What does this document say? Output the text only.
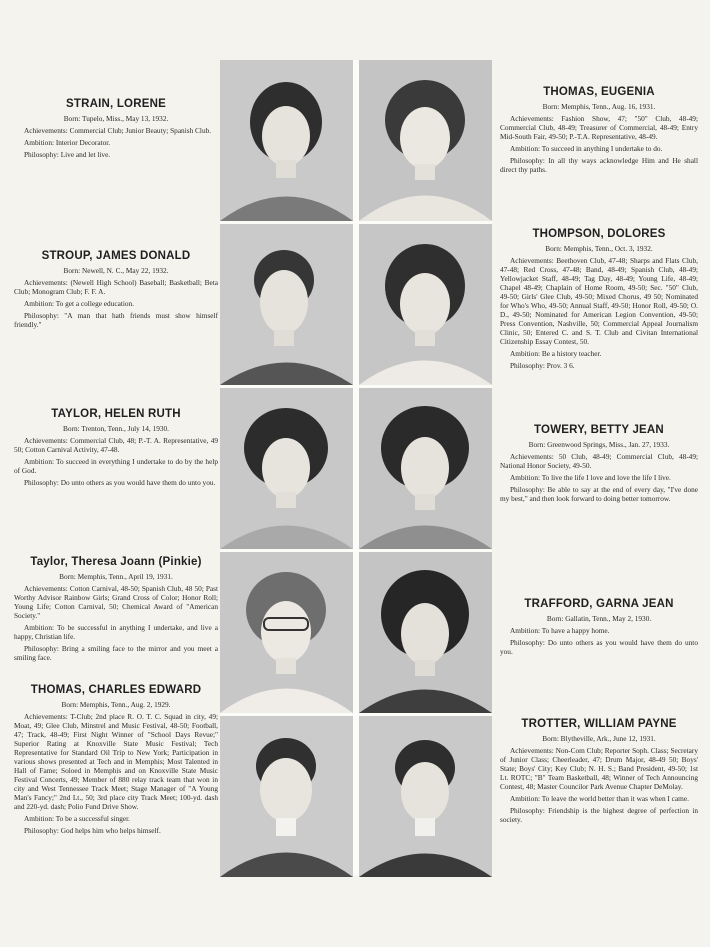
STRAIN, LORENE
Born: Tupelo, Miss., May 13, 1932.
Achievements: Commercial Club; Junior Beauty; Spanish Club.
Ambition: Interior Decorator.
Philosophy: Live and let live.
STROUP, JAMES DONALD
Born: Newell, N. C., May 22, 1932.
Achievements: (Newell High School) Baseball; Basketball; Beta Club; Monogram Club; F. F. A.
Ambition: To get a college education.
Philosophy: "A man that hath friends must show himself friendly."
TAYLOR, HELEN RUTH
Born: Trenton, Tenn., July 14, 1930.
Achievements: Commercial Club, 48; P.-T. A. Representative, 49 50; Cotton Carnival Activity, 47-48.
Ambition: To succeed in everything I undertake to do by the help of God.
Philosophy: Do unto others as you would have them do unto you.
Taylor, Theresa Joann (Pinkie)
Born: Memphis, Tenn., April 19, 1931.
Achievements: Cotton Carnival, 48-50; Spanish Club, 48 50; Past Worthy Advisor Rainbow Girls; Grand Cross of Color; Honor Roll; Young Life; Cotton Carnival, 50; Chemical Award of "American Society."
Ambition: To be successful in anything I undertake, and live a happy, Christian life.
Philosophy: Bring a smiling face to the mirror and you meet a smiling face.
THOMAS, CHARLES EDWARD
Born: Memphis, Tenn., Aug. 2, 1929.
Achievements: T-Club; 2nd place R. O. T. C. Squad in city, 49; Moat, 49; Glee Club, Minstrel and Music Festival, 48-50; Football, 47; Track, 48-49; First Night Winner of "School Days Revue;" Superior Rating at Knoxville State Music Festival; Tech Representative for Standard Oil Trip to New York; Participation in various shows presented at Tech and in Memphis; Most Talented in Hall of Fame; Soloed in Memphis and on Knoxville State Music Festival Concerts, 49; Member of 880 relay track team that won in city and West Tennessee Track Meet; Stage Manager of "A Young Man's Fancy;" 2nd Lt., 50; 3rd place city Track Meet; 100-yd. dash and 220-yd. dash; Polio Fund Drive Show.
Ambition: To be a successful singer.
Philosophy: God helps him who helps himself.
THOMAS, EUGENIA
Born: Memphis, Tenn., Aug. 16, 1931.
Achievements: Fashion Show, 47; "50" Club, 48-49; Commercial Club, 48-49; Treasurer of Commercial, 48-49; Entry Mid-South Fair, 49-50; P.-T.A. Representative, 48-49.
Ambition: To succeed in anything I undertake to do.
Philosophy: In all thy ways acknowledge Him and He shall direct thy paths.
THOMPSON, DOLORES
Born: Memphis, Tenn., Oct. 3, 1932.
Achievements: Beethoven Club, 47-48; Sharps and Flats Club, 47-48; Red Cross, 47-48; Band, 48-49; Spanish Club, 48-49; Yellowjacket Staff, 48-49; Tag Day, 48-49; Young Life, 48-49; Chapel 48-49; Chaplain of Home Room, 49-50; Sec. "50" Club, 49-50; Girls' Glee Club, 49-50; Mixed Chorus, 49 50; Nominated for Who's Who, 49-50; Annual Staff, 49-50; Honor Roll, 49-50; O. D., 49-50; Nominated for American Legion Convention, 49-50; Press Convention, Nashville, 50; Commercial Appeal Journalism Clinic, 50; Entered C. and S. T. Club and Civitan International Citizenship Essay Contest, 50.
Ambition: Be a history teacher.
Philosophy: Prov. 3 6.
TOWERY, BETTY JEAN
Born: Greenwood Springs, Miss., Jan. 27, 1933.
Achievements: 50 Club, 48-49; Commercial Club, 48-49; National Honor Society, 49-50.
Ambition: To live the life I love and love the life I live.
Philosophy: Be able to say at the end of every day, "I've done my best," and then look forward to doing better tomorrow.
TRAFFORD, GARNA JEAN
Born: Gallatin, Tenn., May 2, 1930.
Ambition: To have a happy home.
Philosophy: Do unto others as you would have them do unto you.
TROTTER, WILLIAM PAYNE
Born: Blytheville, Ark., June 12, 1931.
Achievements: Non-Com Club; Reporter Soph. Class; Secretary of Junior Class; Cheerleader, 47; Drum Major, 48-49 50; Boys' State; Boys' City; Key Club; N. H. S.; Band President, 49-50; 1st Lt. ROTC; "B" Team Basketball, 48; Winner of Tech Announcing Contest, 48; Master Councilor Park Avenue Chapter DeMolay.
Ambition: To leave the world better than it was when I came.
Philosophy: Friendship is the highest degree of perfection in society.
